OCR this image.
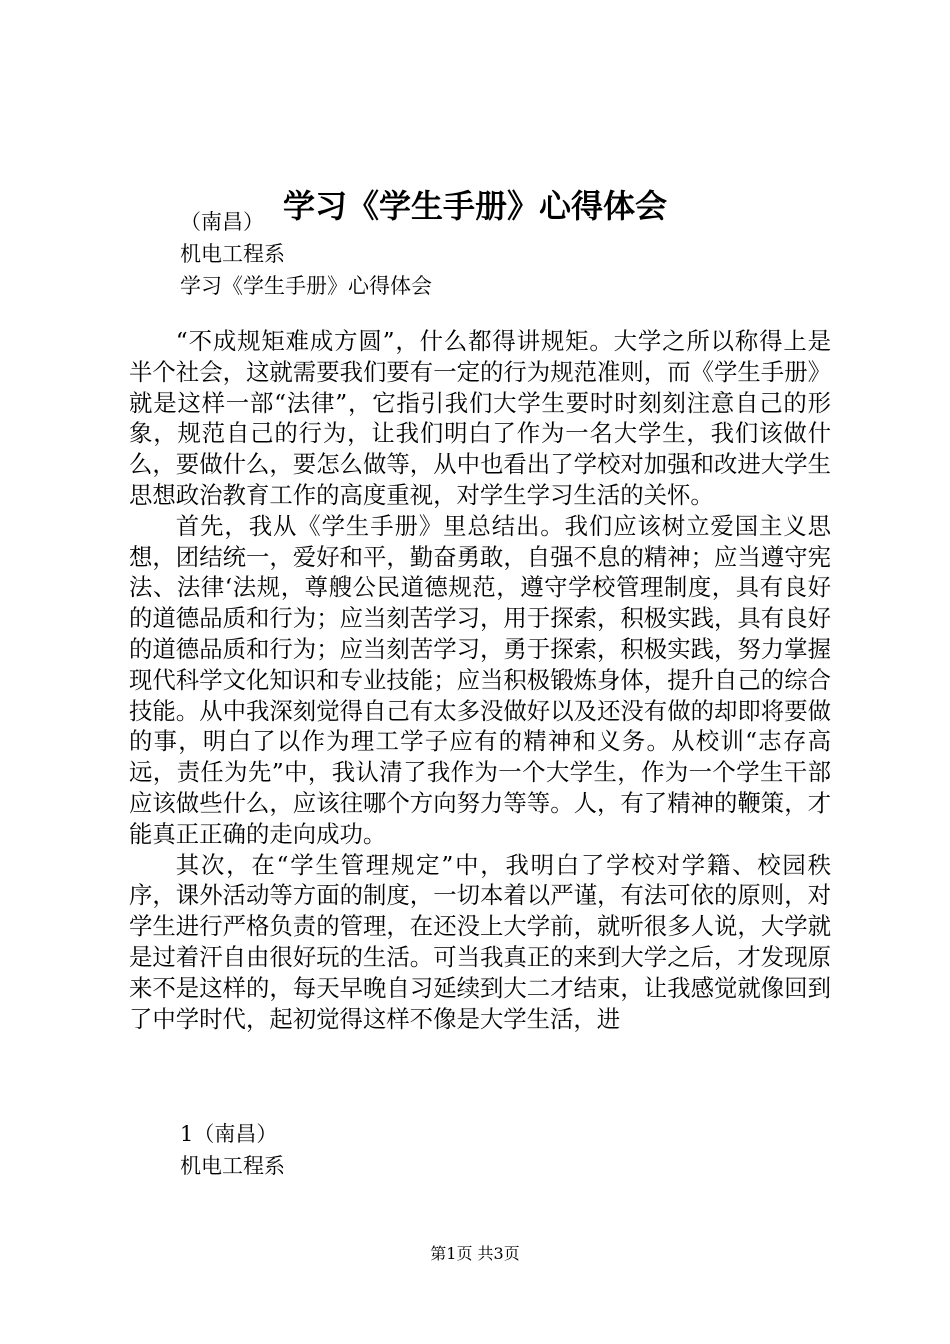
学习《学生手册》心得体会

（南昌）

机电工程系

学习《学生手册》心得体会

“不成规矩难成方圆”，什么都得讲规矩。大学之所以称得上是半个社会，这就需要我们要有一定的行为规范准则，而《学生手册》就是这样一部“法律”，它指引我们大学生要时时刻刻注意自己的形象，规范自己的行为，让我们明白了作为一名大学生，我们该做什么，要做什么，要怎么做等，从中也看出了学校对加强和改进大学生思想政治教育工作的高度重视，对学生学习生活的关怀。

首先，我从《学生手册》里总结出。我们应该树立爱国主义思想，团结统一，爱好和平，勤奋勇敢，自强不息的精神；应当遵守宪法、法律‘法规，尊艘公民道德规范，遵守学校管理制度，具有良好的道德品质和行为；应当刻苦学习，用于探索，积极实践，具有良好的道德品质和行为；应当刻苦学习，勇于探索，积极实践，努力掌握现代科学文化知识和专业技能；应当积极锻炼身体，提升自己的综合技能。从中我深刻觉得自己有太多没做好以及还没有做的却即将要做的事，明白了以作为理工学子应有的精神和义务。从校训“志存高远，责任为先”中，我认清了我作为一个大学生，作为一个学生干部应该做些什么，应该往哪个方向努力等等。人，有了精神的鞭策，才能真正正确的走向成功。

其次，在“学生管理规定”中，我明白了学校对学籍、校园秩序，课外活动等方面的制度，一切本着以严谨，有法可依的原则，对学生进行严格负责的管理，在还没上大学前，就听很多人说，大学就是过着汗自由很好玩的生活。可当我真正的来到大学之后，才发现原来不是这样的，每天早晚自习延续到大二才结束，让我感觉就像回到了中学时代，起初觉得这样不像是大学生活，进

1（南昌）

机电工程系

第1页 共3页
